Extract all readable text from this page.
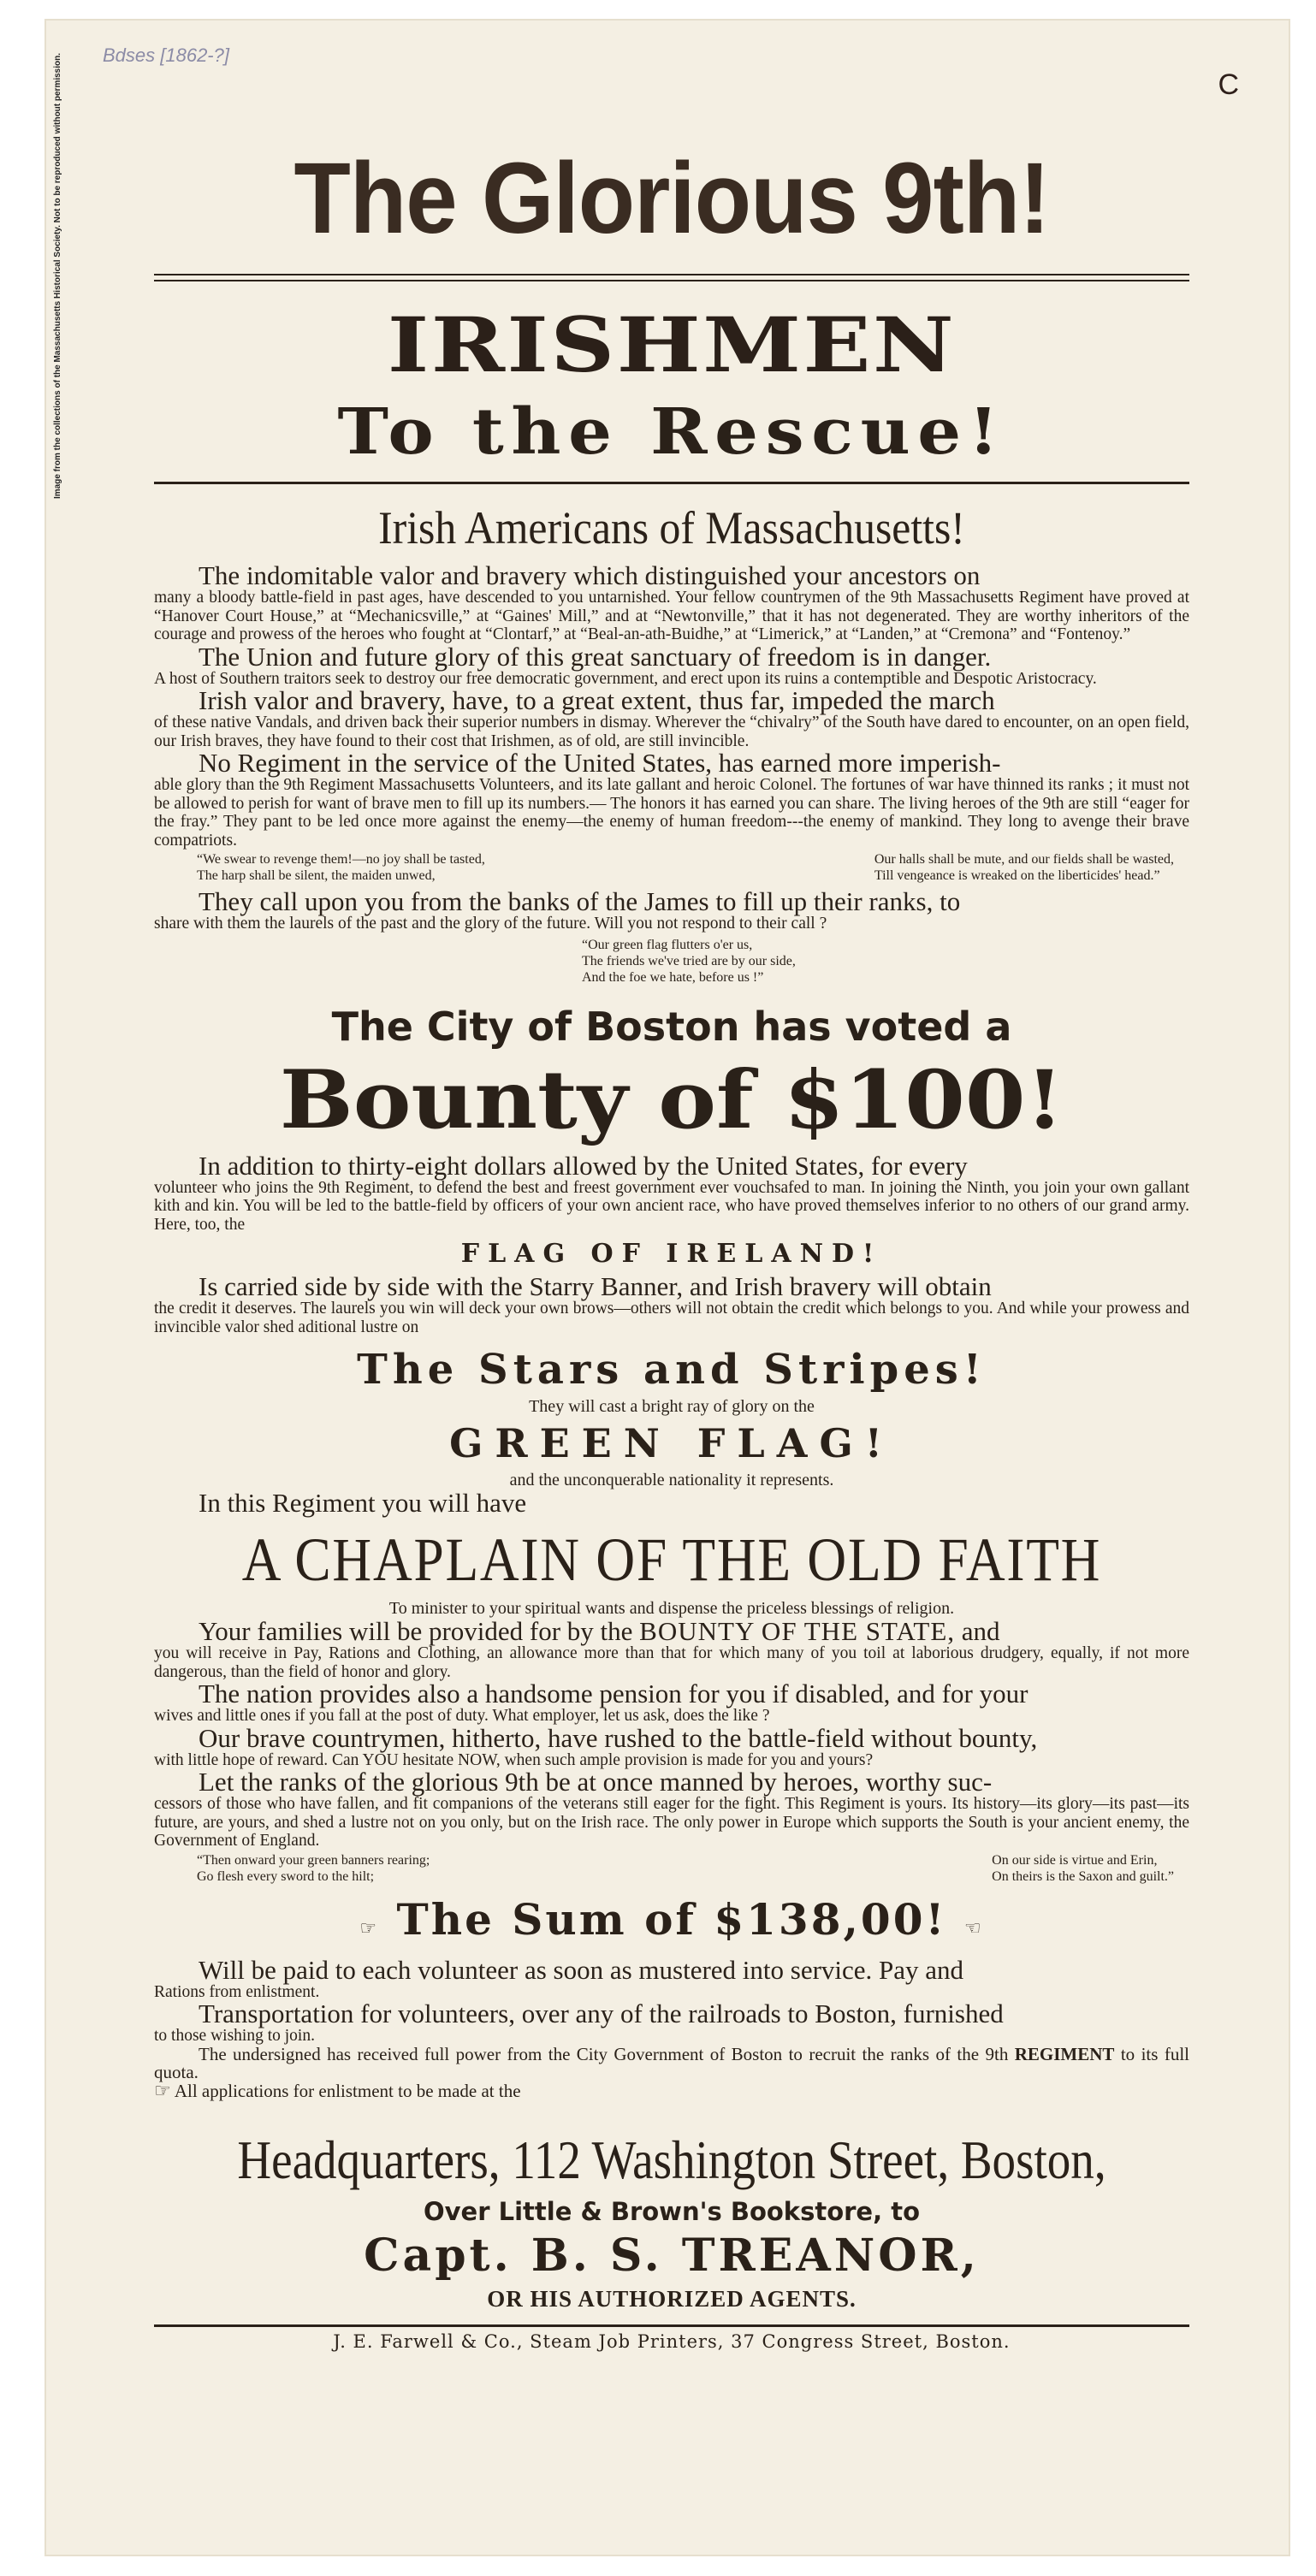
Image from the collections of the Massachusetts Historical Society. Not to be reproduced without permission.	Bdses [1862-?]
C
The Glorious 9th!
IRISHMEN
To the Rescue!
Irish Americans of Massachusetts!

The indomitable valor and bravery which distinguished your ancestors on

many a bloody battle-field in past ages, have descended to you untarnished. Your fellow countrymen of the 9th Massachusetts Regiment have proved at “Hanover Court House,” at “Mechanicsville,” at “Gaines' Mill,” and at “Newtonville,” that it has not degenerated. They are worthy inheritors of the courage and prowess of the heroes who fought at “Clontarf,” at “Beal-an-ath-Buidhe,” at “Limerick,” at “Landen,” at “Cremona” and “Fontenoy.”

The Union and future glory of this great sanctuary of freedom is in danger.

A host of Southern traitors seek to destroy our free democratic government, and erect upon its ruins a contemptible and Despotic Aristocracy.

Irish valor and bravery, have, to a great extent, thus far, impeded the march

of these native Vandals, and driven back their superior numbers in dismay. Wherever the “chivalry” of the South have dared to encounter, on an open field, our Irish braves, they have found to their cost that Irishmen, as of old, are still invincible.

No Regiment in the service of the United States, has earned more imperish-

able glory than the 9th Regiment Massachusetts Volunteers, and its late gallant and heroic Colonel. The fortunes of war have thinned its ranks ; it must not be allowed to perish for want of brave men to fill up its numbers.— The honors it has earned you can share. The living heroes of the 9th are still “eager for the fray.” They pant to be led once more against the enemy—the enemy of human freedom---the enemy of mankind. They long to avenge their brave compatriots.

“We swear to revenge them!—no joy shall be tasted,
The harp shall be silent, the maiden unwed,
Our halls shall be mute, and our fields shall be wasted,
Till vengeance is wreaked on the liberticides' head.”

They call upon you from the banks of the James to fill up their ranks, to

share with them the laurels of the past and the glory of the future. Will you not respond to their call ?

“Our green flag flutters o'er us,
The friends we've tried are by our side,
And the foe we hate, before us !”
The City of Boston has voted a
Bounty of $100!

In addition to thirty-eight dollars allowed by the United States, for every

volunteer who joins the 9th Regiment, to defend the best and freest government ever vouchsafed to man. In joining the Ninth, you join your own gallant kith and kin. You will be led to the battle-field by officers of your own ancient race, who have proved themselves inferior to no others of our grand army. Here, too, the

FLAG OF IRELAND!

Is carried side by side with the Starry Banner, and Irish bravery will obtain

the credit it deserves. The laurels you win will deck your own brows—others will not obtain the credit which belongs to you. And while your prowess and invincible valor shed aditional lustre on

The Stars and Stripes!
They will cast a bright ray of glory on the
GREEN FLAG!
and the unconquerable nationality it represents.

In this Regiment you will have

A CHAPLAIN OF THE OLD FAITH
To minister to your spiritual wants and dispense the priceless blessings of religion.

Your families will be provided for by the BOUNTY OF THE STATE, and

you will receive in Pay, Rations and Clothing, an allowance more than that for which many of you toil at laborious drudgery, equally, if not more dangerous, than the field of honor and glory.

The nation provides also a handsome pension for you if disabled, and for your

wives and little ones if you fall at the post of duty. What employer, let us ask, does the like ?

Our brave countrymen, hitherto, have rushed to the battle-field without bounty,

with little hope of reward. Can YOU hesitate NOW, when such ample provision is made for you and yours?

Let the ranks of the glorious 9th be at once manned by heroes, worthy suc-

cessors of those who have fallen, and fit companions of the veterans still eager for the fight. This Regiment is yours. Its history—its glory—its past—its future, are yours, and shed a lustre not on you only, but on the Irish race. The only power in Europe which supports the South is your ancient enemy, the Government of England.

“Then onward your green banners rearing;
Go flesh every sword to the hilt;
On our side is virtue and Erin,
On theirs is the Saxon and guilt.”
☞ The Sum of $138,00! ☜

Will be paid to each volunteer as soon as mustered into service. Pay and

Rations from enlistment.

Transportation for volunteers, over any of the railroads to Boston, furnished

to those wishing to join.

The undersigned has received full power from the City Government of Boston to recruit the ranks of the 9th REGIMENT to its full quota.

☞ All applications for enlistment to be made at the

Headquarters, 112 Washington Street, Boston,
Over Little & Brown's Bookstore, to
Capt. B. S. TREANOR,
OR HIS AUTHORIZED AGENTS.
J. E. Farwell & Co., Steam Job Printers, 37 Congress Street, Boston.
